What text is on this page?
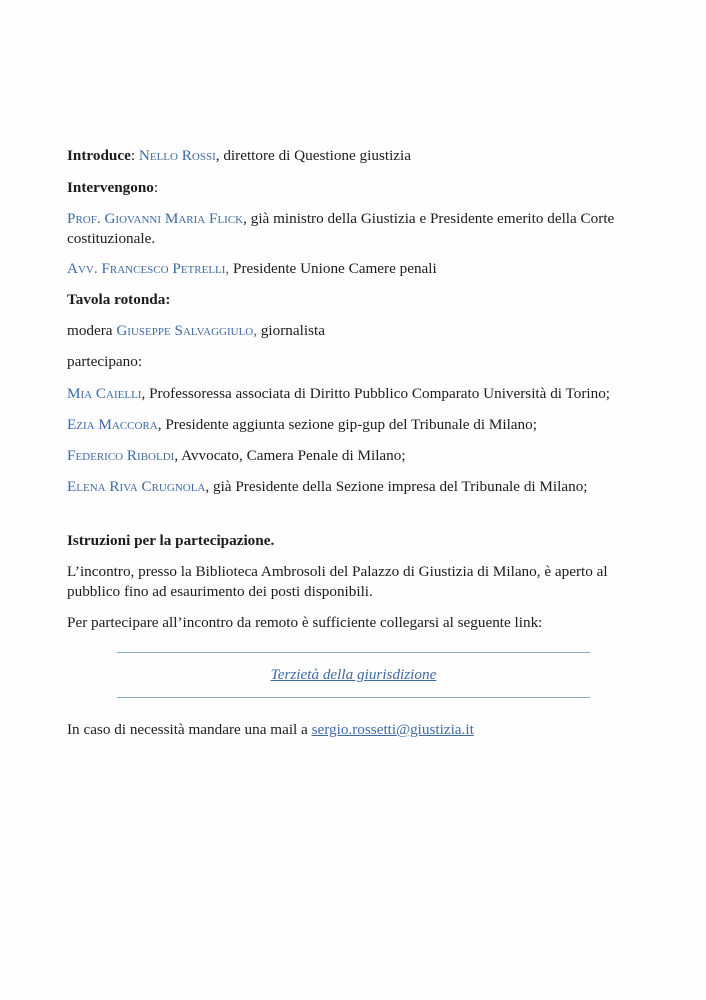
Introduce: Nello Rossi, direttore di Questione giustizia
Intervengono:
Prof. Giovanni Maria Flick, già ministro della Giustizia e Presidente emerito della Corte
costituzionale.
Avv. Francesco Petrelli, Presidente Unione Camere penali
Tavola rotonda:
modera Giuseppe Salvaggiulo, giornalista
partecipano:
Mia Caielli, Professoressa associata di Diritto Pubblico Comparato Università di Torino;
Ezia Maccora, Presidente aggiunta sezione gip-gup del Tribunale di Milano;
Federico Riboldi, Avvocato, Camera Penale di Milano;
Elena Riva Crugnola, già Presidente della Sezione impresa del Tribunale di Milano;
Istruzioni per la partecipazione.
L’incontro, presso la Biblioteca Ambrosoli del Palazzo di Giustizia di Milano, è aperto al
pubblico fino ad esaurimento dei posti disponibili.
Per partecipare all’incontro da remoto è sufficiente collegarsi al seguente link:
Terzietà della giurisdizione
In caso di necessità mandare una mail a sergio.rossetti@giustizia.it
